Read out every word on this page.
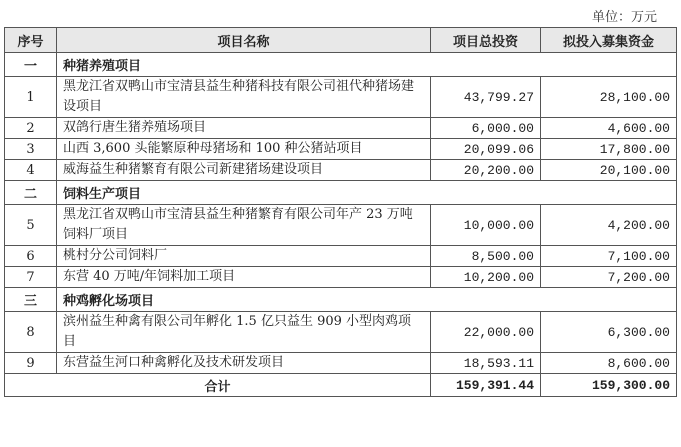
单位：万元
序号	项目名称	项目总投资	拟投入募集资金
一	种猪养殖项目		
1	黑龙江省双鸭山市宝清县益生种猪科技有限公司祖代种猪场建设项目	43,799.27	28,100.00
2	双鸽行唐生猪养殖场项目	6,000.00	4,600.00
3	山西 3,600 头能繁原种母猪场和 100 种公猪站项目	20,099.06	17,800.00
4	威海益生种猪繁育有限公司新建猪场建设项目	20,200.00	20,100.00
二	饲料生产项目		
5	黑龙江省双鸭山市宝清县益生种猪繁育有限公司年产 23 万吨饲料厂项目	10,000.00	4,200.00
6	桃村分公司饲料厂	8,500.00	7,100.00
7	东营 40 万吨/年饲料加工项目	10,200.00	7,200.00
三	种鸡孵化场项目		
8	滨州益生种禽有限公司年孵化 1.5 亿只益生 909 小型肉鸡项目	22,000.00	6,300.00
9	东营益生河口种禽孵化及技术研发项目	18,593.11	8,600.00
合计		159,391.44	159,300.00
